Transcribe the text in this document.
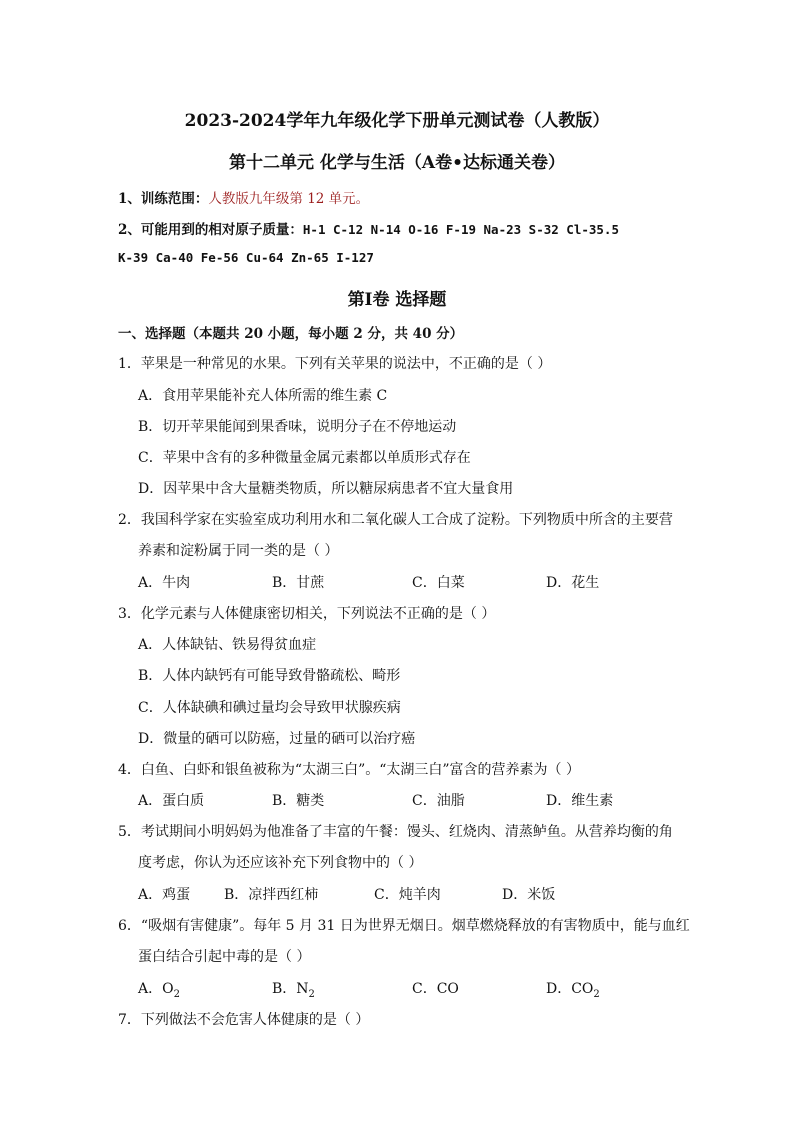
2023-2024学年九年级化学下册单元测试卷（人教版）
第十二单元 化学与生活（A卷•达标通关卷）
1、训练范围：人教版九年级第 12 单元。
2、可能用到的相对原子质量：H-1 C-12 N-14 O-16 F-19 Na-23 S-32 Cl-35.5
K-39 Ca-40 Fe-56 Cu-64 Zn-65 I-127
第Ⅰ卷 选择题
一、选择题（本题共 20 小题，每小题 2 分，共 40 分）
1．苹果是一种常见的水果。下列有关苹果的说法中，不正确的是（ ）
A．食用苹果能补充人体所需的维生素 C
B．切开苹果能闻到果香味，说明分子在不停地运动
C．苹果中含有的多种微量金属元素都以单质形式存在
D．因苹果中含大量糖类物质，所以糖尿病患者不宜大量食用
2．我国科学家在实验室成功利用水和二氧化碳人工合成了淀粉。下列物质中所含的主要营
养素和淀粉属于同一类的是（ ）
A．牛肉	B．甘蔗	C．白菜	D．花生
3．化学元素与人体健康密切相关，下列说法不正确的是（ ）
A．人体缺钴、铁易得贫血症
B．人体内缺钙有可能导致骨骼疏松、畸形
C．人体缺碘和碘过量均会导致甲状腺疾病
D．微量的硒可以防癌，过量的硒可以治疗癌
4．白鱼、白虾和银鱼被称为“太湖三白”。“太湖三白”富含的营养素为（ ）
A．蛋白质	B．糖类	C．油脂	D．维生素
5．考试期间小明妈妈为他准备了丰富的午餐：馒头、红烧肉、清蒸鲈鱼。从营养均衡的角
度考虑，你认为还应该补充下列食物中的（ ）
A．鸡蛋 B．凉拌西红柿	C．炖羊肉	D．米饭
6．“吸烟有害健康”。每年 5 月 31 日为世界无烟日。烟草燃烧释放的有害物质中，能与血红
蛋白结合引起中毒的是（ ）
A．$O_2$	B．$N_2$	C．CO	D．$CO_2$
7．下列做法不会危害人体健康的是（ ）
